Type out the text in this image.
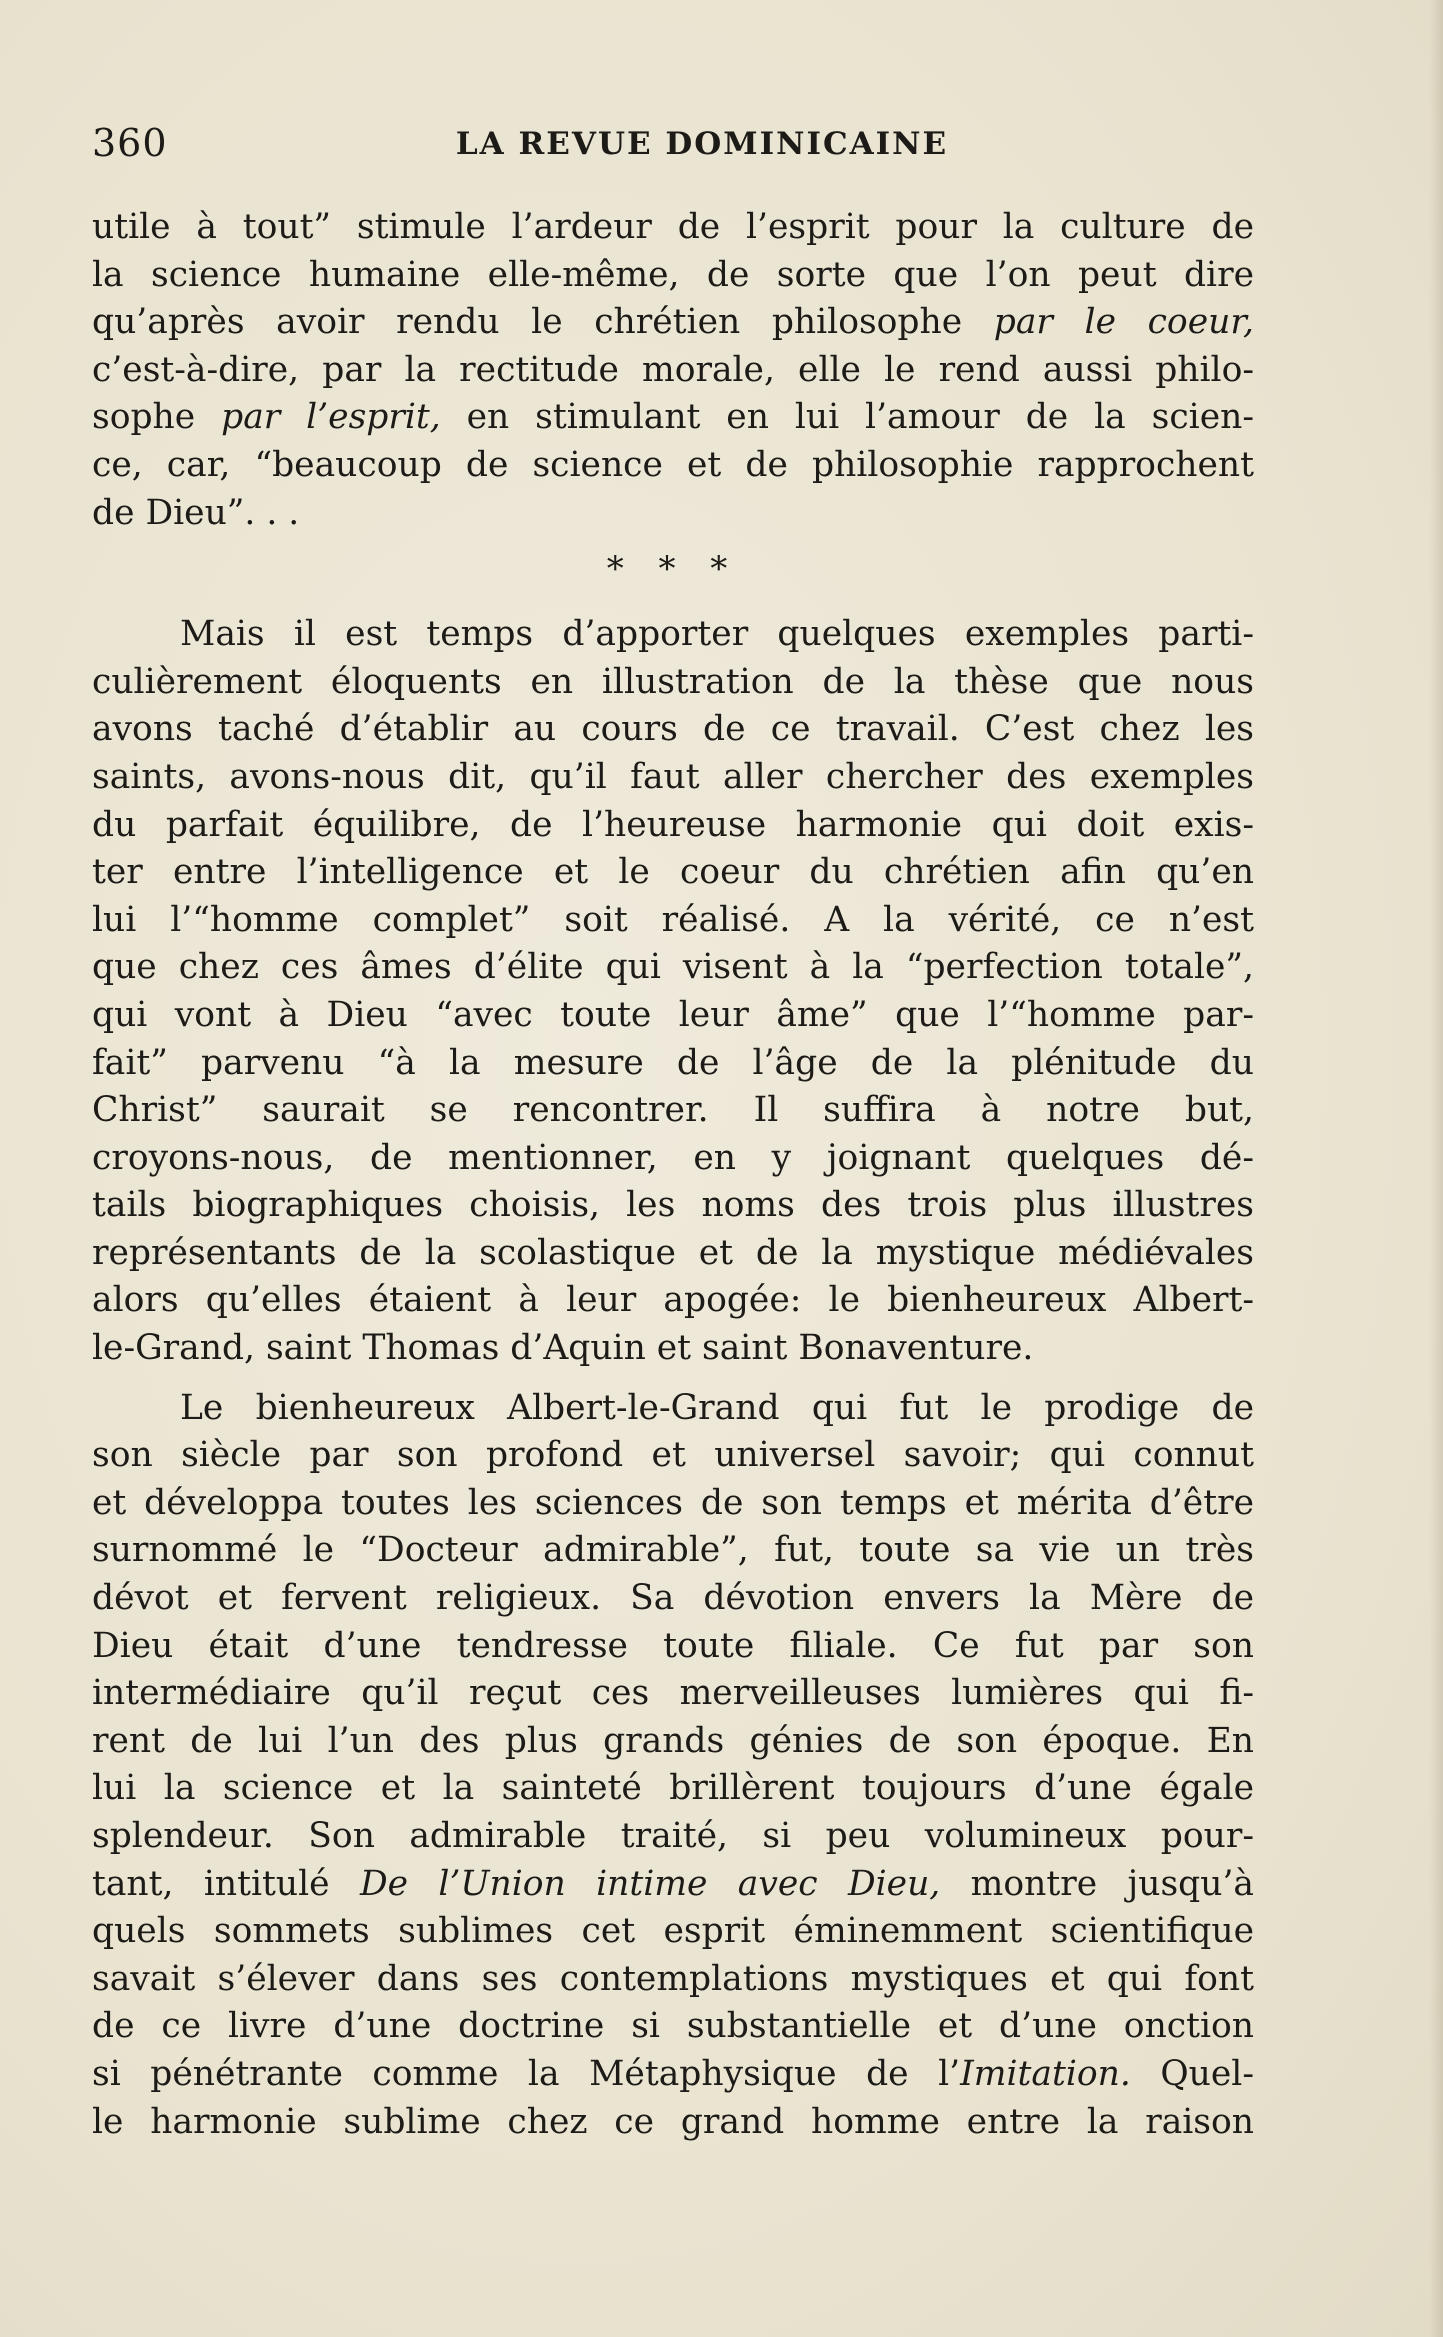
360	LA REVUE DOMINICAINE
utile à tout” stimule l’ardeur de l’esprit pour la culture de
la science humaine elle-même, de sorte que l’on peut dire
qu’après avoir rendu le chrétien philosophe par le coeur,
c’est-à-dire, par la rectitude morale, elle le rend aussi philo-
sophe par l’esprit, en stimulant en lui l’amour de la scien-
ce, car, “beaucoup de science et de philosophie rapprochent
de Dieu”. . .
* * *
Mais il est temps d’apporter quelques exemples parti-
culièrement éloquents en illustration de la thèse que nous
avons taché d’établir au cours de ce travail. C’est chez les
saints, avons-nous dit, qu’il faut aller chercher des exemples
du parfait équilibre, de l’heureuse harmonie qui doit exis-
ter entre l’intelligence et le coeur du chrétien afin qu’en
lui l’“homme complet” soit réalisé. A la vérité, ce n’est
que chez ces âmes d’élite qui visent à la “perfection totale”,
qui vont à Dieu “avec toute leur âme” que l’“homme par-
fait” parvenu “à la mesure de l’âge de la plénitude du
Christ” saurait se rencontrer. Il suffira à notre but,
croyons-nous, de mentionner, en y joignant quelques dé-
tails biographiques choisis, les noms des trois plus illustres
représentants de la scolastique et de la mystique médiévales
alors qu’elles étaient à leur apogée: le bienheureux Albert-
le-Grand, saint Thomas d’Aquin et saint Bonaventure.
Le bienheureux Albert-le-Grand qui fut le prodige de
son siècle par son profond et universel savoir; qui connut
et développa toutes les sciences de son temps et mérita d’être
surnommé le “Docteur admirable”, fut, toute sa vie un très
dévot et fervent religieux. Sa dévotion envers la Mère de
Dieu était d’une tendresse toute filiale. Ce fut par son
intermédiaire qu’il reçut ces merveilleuses lumières qui fi-
rent de lui l’un des plus grands génies de son époque. En
lui la science et la sainteté brillèrent toujours d’une égale
splendeur. Son admirable traité, si peu volumineux pour-
tant, intitulé De l’Union intime avec Dieu, montre jusqu’à
quels sommets sublimes cet esprit éminemment scientifique
savait s’élever dans ses contemplations mystiques et qui font
de ce livre d’une doctrine si substantielle et d’une onction
si pénétrante comme la Métaphysique de l’Imitation. Quel-
le harmonie sublime chez ce grand homme entre la raison
